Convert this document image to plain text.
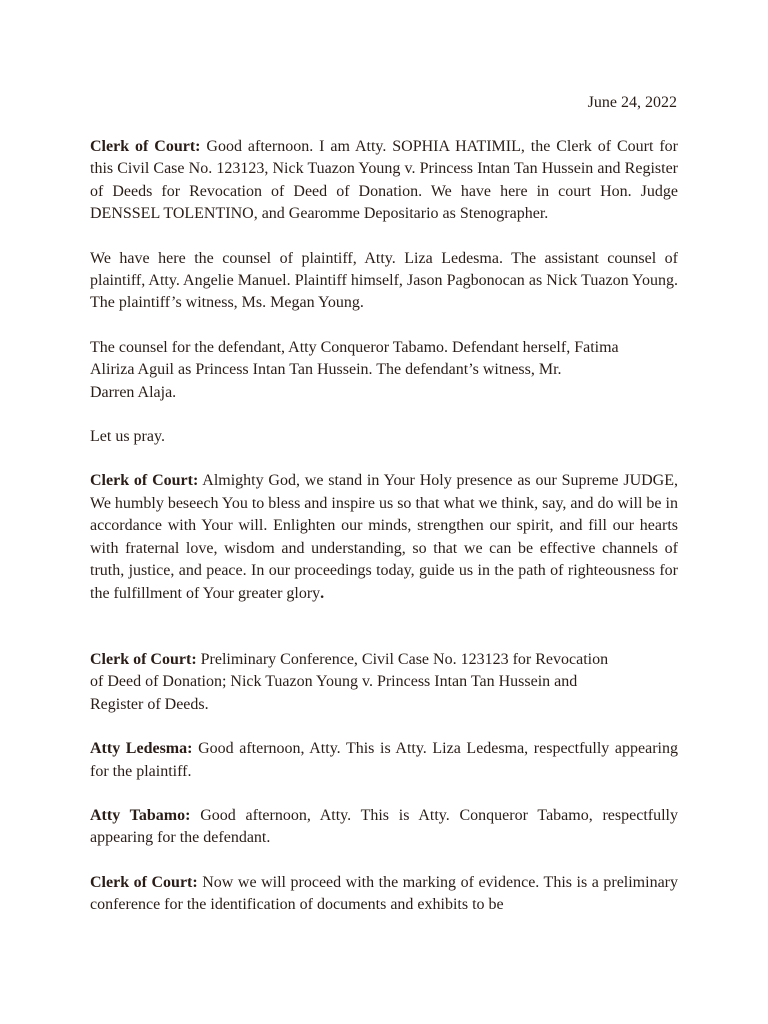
June 24, 2022

Clerk of Court: Good afternoon. I am Atty. SOPHIA HATIMIL, the Clerk of Court for this Civil Case No. 123123, Nick Tuazon Young v. Princess Intan Tan Hussein and Register of Deeds for Revocation of Deed of Donation. We have here in court Hon. Judge DENSSEL TOLENTINO, and Gearomme Depositario as Stenographer.

We have here the counsel of plaintiff, Atty. Liza Ledesma. The assistant counsel of plaintiff, Atty. Angelie Manuel. Plaintiff himself, Jason Pagbonocan as Nick Tuazon Young. The plaintiff’s witness, Ms. Megan Young.

The counsel for the defendant, Atty Conqueror Tabamo. Defendant herself, Fatima
Aliriza Aguil as Princess Intan Tan Hussein. The defendant’s witness, Mr.
Darren Alaja.

Let us pray.

Clerk of Court: Almighty God, we stand in Your Holy presence as our Supreme JUDGE, We humbly beseech You to bless and inspire us so that what we think, say, and do will be in accordance with Your will. Enlighten our minds, strengthen our spirit, and fill our hearts with fraternal love, wisdom and understanding, so that we can be effective channels of truth, justice, and peace. In our proceedings today, guide us in the path of righteousness for the fulfillment of Your greater glory.

Clerk of Court: Preliminary Conference, Civil Case No. 123123 for Revocation
of Deed of Donation; Nick Tuazon Young v. Princess Intan Tan Hussein and
Register of Deeds.

Atty Ledesma: Good afternoon, Atty. This is Atty. Liza Ledesma, respectfully appearing for the plaintiff.

Atty Tabamo: Good afternoon, Atty. This is Atty. Conqueror Tabamo, respectfully appearing for the defendant.

Clerk of Court: Now we will proceed with the marking of evidence. This is a preliminary conference for the identification of documents and exhibits to be
